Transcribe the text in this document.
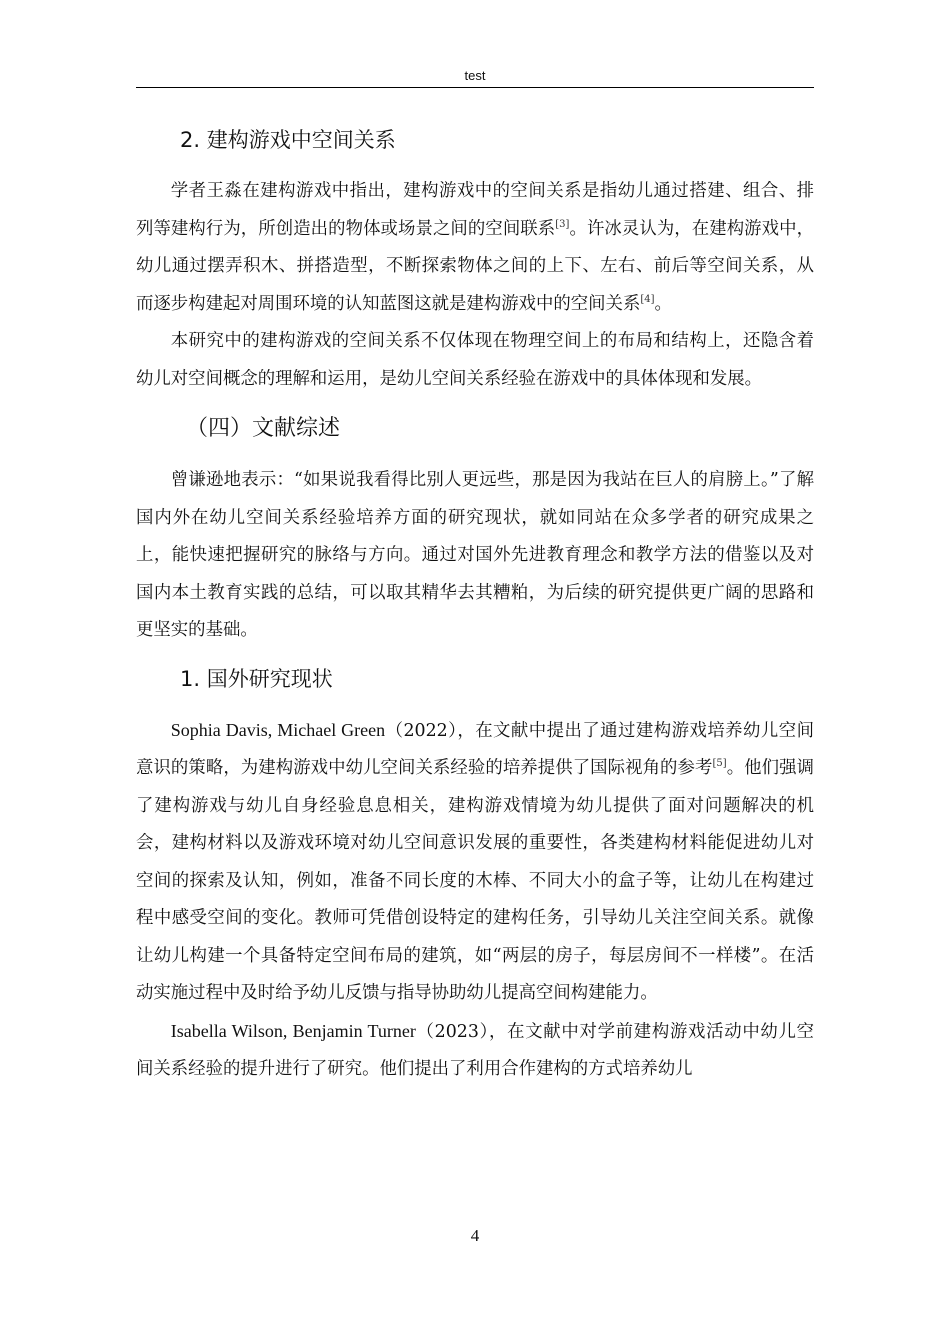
test
2. 建构游戏中空间关系

学者王淼在建构游戏中指出，建构游戏中的空间关系是指幼儿通过搭建、组合、排列等建构行为，所创造出的物体或场景之间的空间联系[3]。许冰灵认为，在建构游戏中，幼儿通过摆弄积木、拼搭造型，不断探索物体之间的上下、左右、前后等空间关系，从而逐步构建起对周围环境的认知蓝图这就是建构游戏中的空间关系[4]。

本研究中的建构游戏的空间关系不仅体现在物理空间上的布局和结构上，还隐含着幼儿对空间概念的理解和运用，是幼儿空间关系经验在游戏中的具体体现和发展。

（四）文献综述

曾谦逊地表示：“如果说我看得比别人更远些，那是因为我站在巨人的肩膀上。”了解国内外在幼儿空间关系经验培养方面的研究现状，就如同站在众多学者的研究成果之上，能快速把握研究的脉络与方向。通过对国外先进教育理念和教学方法的借鉴以及对国内本土教育实践的总结，可以取其精华去其糟粕，为后续的研究提供更广阔的思路和更坚实的基础。

1. 国外研究现状

Sophia Davis, Michael Green（2022），在文献中提出了通过建构游戏培养幼儿空间意识的策略，为建构游戏中幼儿空间关系经验的培养提供了国际视角的参考[5]。他们强调了建构游戏与幼儿自身经验息息相关，建构游戏情境为幼儿提供了面对问题解决的机会，建构材料以及游戏环境对幼儿空间意识发展的重要性，各类建构材料能促进幼儿对空间的探索及认知，例如，准备不同长度的木棒、不同大小的盒子等，让幼儿在构建过程中感受空间的变化。教师可凭借创设特定的建构任务，引导幼儿关注空间关系。就像让幼儿构建一个具备特定空间布局的建筑，如“两层的房子，每层房间不一样楼”。在活动实施过程中及时给予幼儿反馈与指导协助幼儿提高空间构建能力。

Isabella Wilson, Benjamin Turner（2023），在文献中对学前建构游戏活动中幼儿空间关系经验的提升进行了研究。他们提出了利用合作建构的方式培养幼儿

4
